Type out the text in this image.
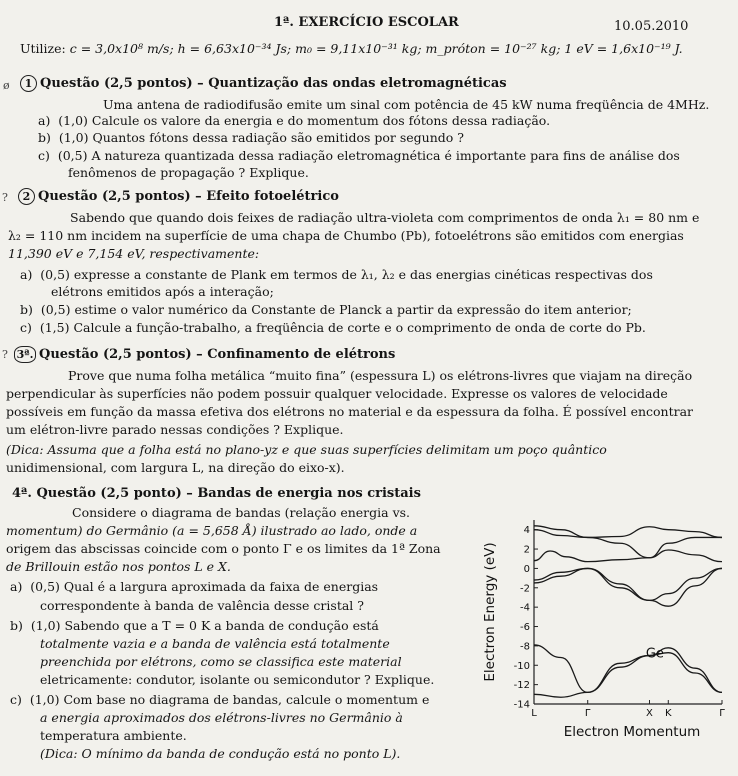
1ª. EXERCÍCIO ESCOLAR	10.05.2010
Utilize: c = 3,0x10⁸ m/s; h = 6,63x10⁻³⁴ Js; m₀ = 9,11x10⁻³¹ kg; m_próton = 10⁻²⁷ kg; 1 eV = 1,6x10⁻¹⁹ J.
ø	1 Questão (2,5 pontos) – Quantização das ondas eletromagnéticas
Uma antena de radiodifusão emite um sinal com potência de 45 kW numa freqüência de 4MHz.
a) (1,0) Calcule os valore da energia e do momentum dos fótons dessa radiação.
b) (1,0) Quantos fótons dessa radiação são emitidos por segundo ?
c) (0,5) A natureza quantizada dessa radiação eletromagnética é importante para fins de análise dos
fenômenos de propagação ? Explique.
?	2 Questão (2,5 pontos) – Efeito fotoelétrico
Sabendo que quando dois feixes de radiação ultra-violeta com comprimentos de onda λ₁ = 80 nm e
λ₂ = 110 nm incidem na superfície de uma chapa de Chumbo (Pb), fotoelétrons são emitidos com energias
11,390 eV e 7,154 eV, respectivamente:
a) (0,5) expresse a constante de Plank em termos de λ₁, λ₂ e das energias cinéticas respectivas dos
elétrons emitidos após a interação;
b) (0,5) estime o valor numérico da Constante de Planck a partir da expressão do item anterior;
c) (1,5) Calcule a função-trabalho, a freqüência de corte e o comprimento de onda de corte do Pb.
? 3ª. Questão (2,5 pontos) – Confinamento de elétrons
Prove que numa folha metálica “muito fina” (espessura L) os elétrons-livres que viajam na direção
perpendicular às superfícies não podem possuir qualquer velocidade. Expresse os valores de velocidade
possíveis em função da massa efetiva dos elétrons no material e da espessura da folha. É possível encontrar
um elétron-livre parado nessas condições ? Explique.
(Dica: Assuma que a folha está no plano-yz e que suas superfícies delimitam um poço quântico
unidimensional, com largura L, na direção do eixo-x).
4ª. Questão (2,5 ponto) – Bandas de energia nos cristais
Considere o diagrama de bandas (relação energia vs.
momentum) do Germânio (a = 5,658 Å) ilustrado ao lado, onde a
origem das abscissas coincide com o ponto Γ e os limites da 1ª Zona
de Brillouin estão nos pontos L e X.
a) (0,5) Qual é a largura aproximada da faixa de energias
correspondente à banda de valência desse cristal ?
b) (1,0) Sabendo que a T = 0 K a banda de condução está
totalmente vazia e a banda de valência está totalmente
preenchida por elétrons, como se classifica este material
eletricamente: condutor, isolante ou semicondutor ? Explique.
c) (1,0) Com base no diagrama de bandas, calcule o momentum e
a energia aproximados dos elétrons-livres no Germânio à
temperatura ambiente.
(Dica: O mínimo da banda de condução está no ponto L).
4
2
0
-2
-4
-6
-8
-10
-12
-14
L	Γ	X K	Γ
Ge
Electron Energy (eV)
Electron Momentum
